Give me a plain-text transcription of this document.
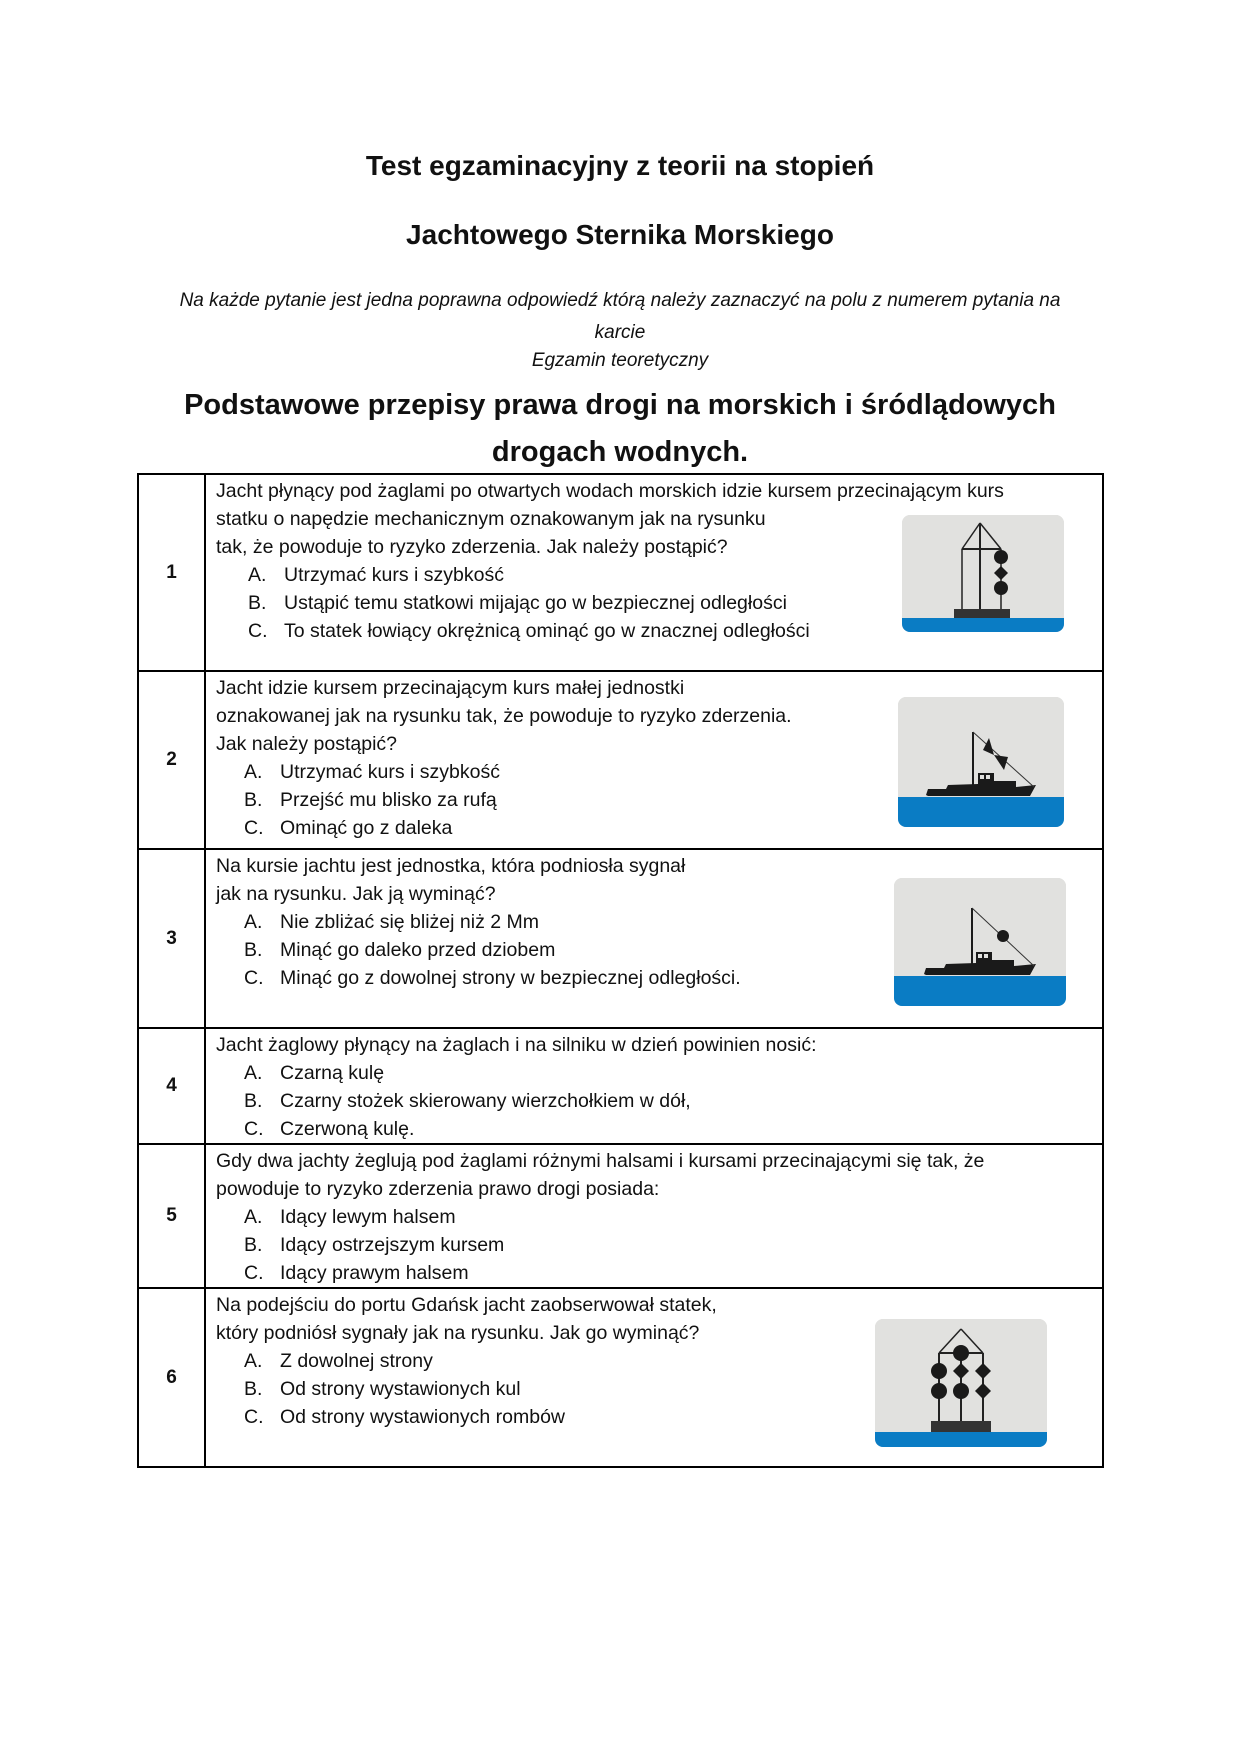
Test egzaminacyjny z teorii na stopień
Jachtowego Sternika Morskiego
Na każde pytanie jest jedna poprawna odpowiedź którą należy zaznaczyć na polu z numerem pytania na karcie
Egzamin teoretyczny
Podstawowe przepisy prawa drogi na morskich i śródlądowych drogach wodnych.
1	
Jacht płynący pod żaglami po otwartych wodach morskich idzie kursem przecinającym kurs
statku o napędzie mechanicznym oznakowanym jak na rysunku
tak, że powoduje to ryzyko zderzenia. Jak należy postąpić?
A. Utrzymać kurs i szybkość
B. Ustąpić temu statkowi mijając go w bezpiecznej odległości
C. To statek łowiący okrężnicą ominąć go w znacznej odległości

2	
Jacht idzie kursem przecinającym kurs małej jednostki
oznakowanej jak na rysunku tak, że powoduje to ryzyko zderzenia.
Jak należy postąpić?
A. Utrzymać kurs i szybkość
B. Przejść mu blisko za rufą
C. Ominąć go z daleka

3	
Na kursie jachtu jest jednostka, która podniosła sygnał
jak na rysunku. Jak ją wyminąć?
A. Nie zbliżać się bliżej niż 2 Mm
B. Minąć go daleko przed dziobem
C. Minąć go z dowolnej strony w bezpiecznej odległości.

4	
Jacht żaglowy płynący na żaglach i na silniku w dzień powinien nosić:
A. Czarną kulę
B. Czarny stożek skierowany wierzchołkiem w dół,
C. Czerwoną kulę.

5	
Gdy dwa jachty żeglują pod żaglami różnymi halsami i kursami przecinającymi się tak, że
powoduje to ryzyko zderzenia prawo drogi posiada:
A. Idący lewym halsem
B. Idący ostrzejszym kursem
C. Idący prawym halsem

6	
Na podejściu do portu Gdańsk jacht zaobserwował statek,
który podniósł sygnały jak na rysunku. Jak go wyminąć?
A. Z dowolnej strony
B. Od strony wystawionych kul
C. Od strony wystawionych rombów
